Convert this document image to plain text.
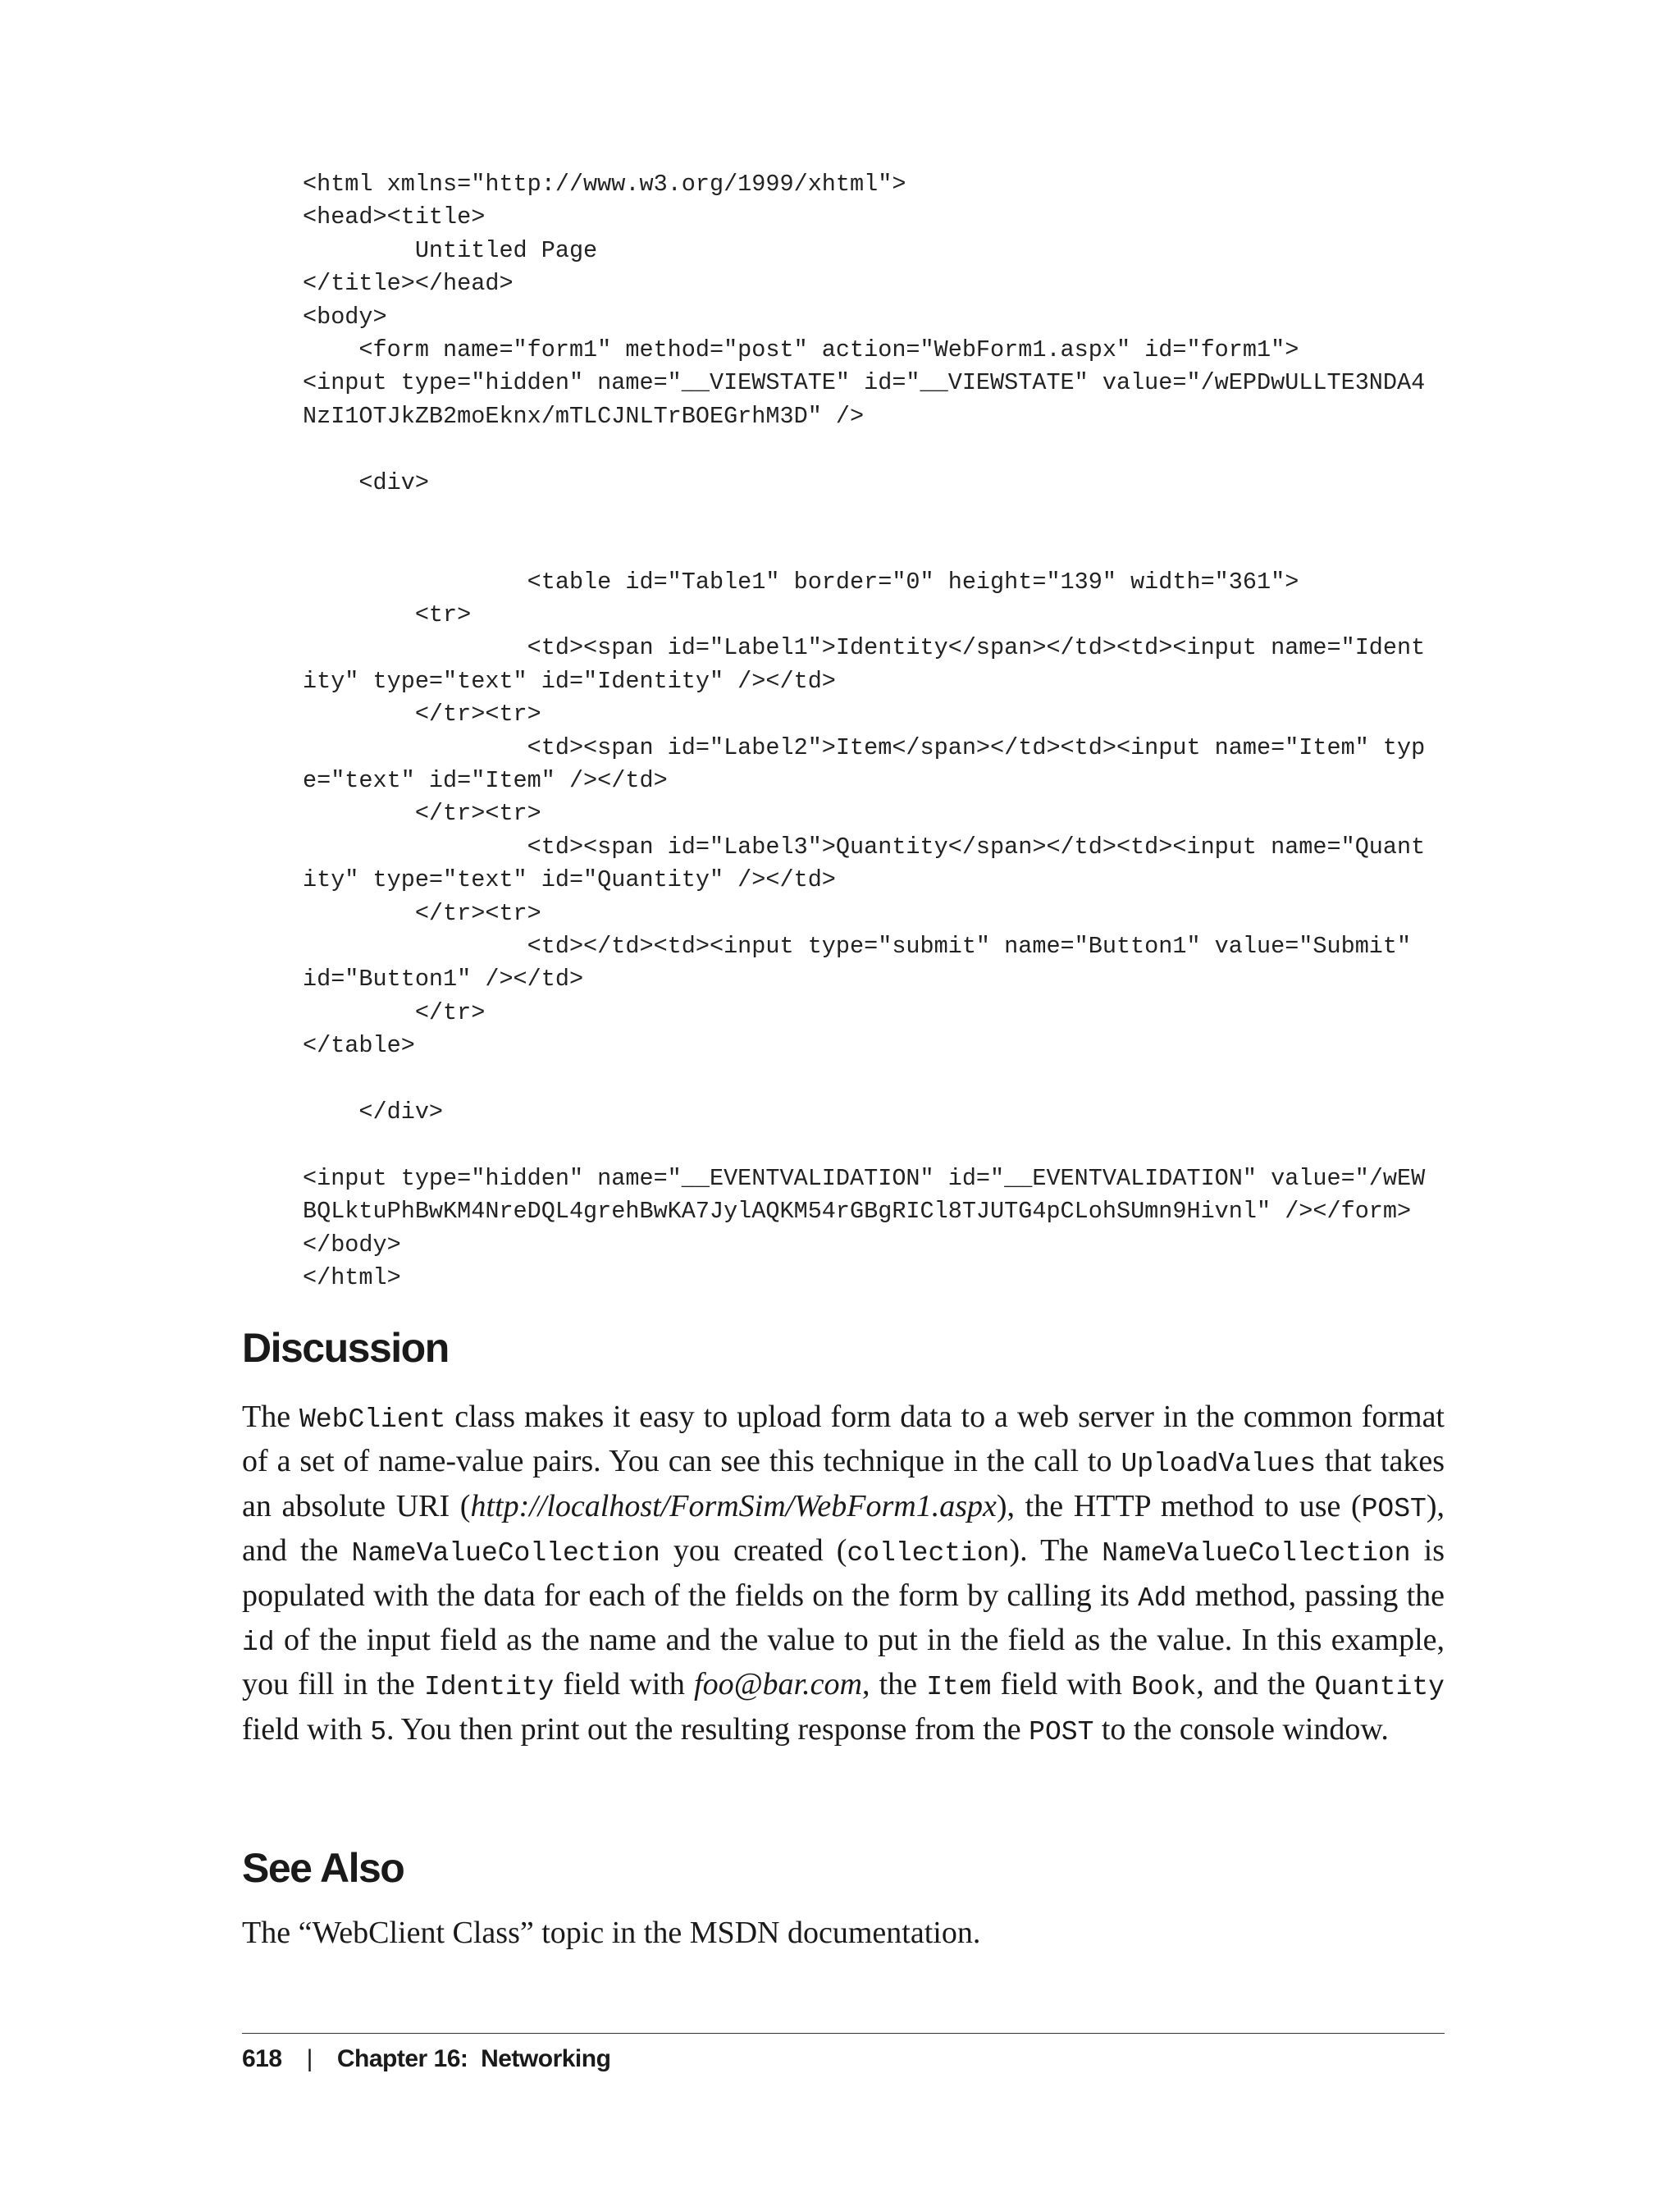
<html xmlns="http://www.w3.org/1999/xhtml">
<head><title>
Untitled Page
</title></head>
<body>
<form name="form1" method="post" action="WebForm1.aspx" id="form1">
<input type="hidden" name="__VIEWSTATE" id="__VIEWSTATE" value="/wEPDwULLTE3NDA4
NzI1OTJkZB2moEknx/mTLCJNLTrBOEGrhM3D" />
<div>
<table id="Table1" border="0" height="139" width="361">
<tr>
<td><span id="Label1">Identity</span></td><td><input name="Ident
ity" type="text" id="Identity" /></td>
</tr><tr>
<td><span id="Label2">Item</span></td><td><input name="Item" typ
e="text" id="Item" /></td>
</tr><tr>
<td><span id="Label3">Quantity</span></td><td><input name="Quant
ity" type="text" id="Quantity" /></td>
</tr><tr>
<td></td><td><input type="submit" name="Button1" value="Submit"
id="Button1" /></td>
</tr>
</table>
</div>
<input type="hidden" name="__EVENTVALIDATION" id="__EVENTVALIDATION" value="/wEW
BQLktuPhBwKM4NreDQL4grehBwKA7JylAQKM54rGBgRICl8TJUTG4pCLohSUmn9Hivnl" /></form>
</body>
</html>
Discussion

The WebClient class makes it easy to upload form data to a web server in the common format of a set of name-value pairs. You can see this technique in the call to UploadValues that takes an absolute URI (http://localhost/FormSim/WebForm1.aspx), the HTTP method to use (POST), and the NameValueCollection you created (collection). The NameValueCollection is populated with the data for each of the fields on the form by calling its Add method, passing the id of the input field as the name and the value to put in the field as the value. In this example, you fill in the Identity field with foo@bar.com, the Item field with Book, and the Quantity field with 5. You then print out the resulting response from the POST to the console window.

See Also

The “WebClient Class” topic in the MSDN documentation.

618 | Chapter 16:  Networking
